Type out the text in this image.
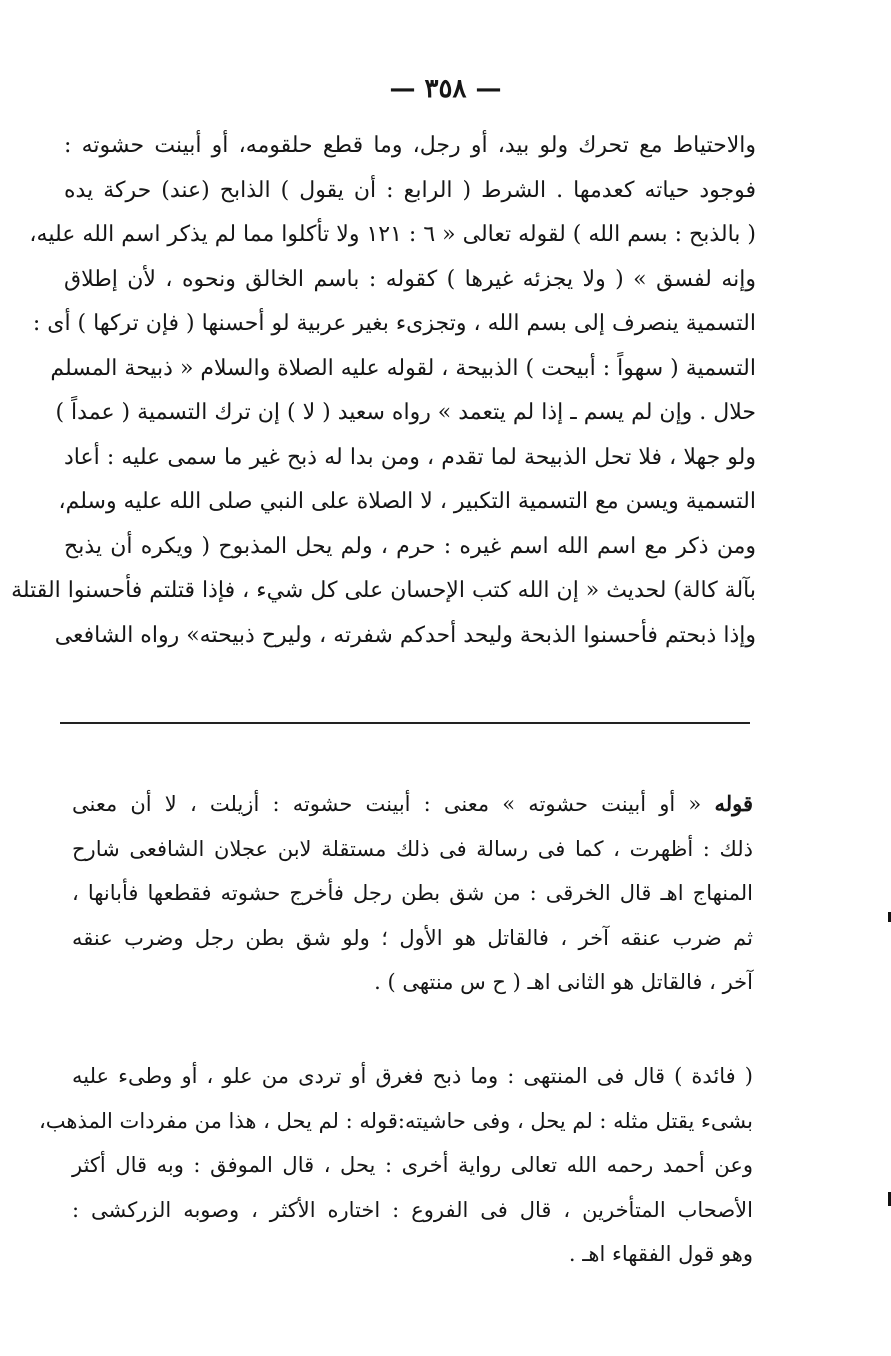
— ٣٥٨ —
والاحتياط مع تحرك ولو بيد، أو رجل، وما قطع حلقومه، أو أبينت حشوته :
فوجود حياته كعدمها . الشرط ( الرابع : أن يقول ) الذابح (عند) حركة يده
( بالذبح : بسم الله ) لقوله تعالى « ٦ : ١٢١ ولا تأكلوا مما لم يذكر اسم الله عليه،
وإنه لفسق » ( ولا يجزئه غيرها ) كقوله : باسم الخالق ونحوه ، لأن إطلاق
التسمية ينصرف إلى بسم الله ، وتجزىء بغير عربية لو أحسنها ( فإن تركها ) أى :
التسمية ( سهواً : أبيحت ) الذبيحة ، لقوله عليه الصلاة والسلام « ذبيحة المسلم
حلال . وإن لم يسم ـ إذا لم يتعمد » رواه سعيد ( لا ) إن ترك التسمية ( عمداً )
ولو جهلا ، فلا تحل الذبيحة لما تقدم ، ومن بدا له ذبح غير ما سمى عليه : أعاد
التسمية ويسن مع التسمية التكبير ، لا الصلاة على النبي صلى الله عليه وسلم،
ومن ذكر مع اسم الله اسم غيره : حرم ، ولم يحل المذبوح ( ويكره أن يذبح
بآلة كالة) لحديث « إن الله كتب الإحسان على كل شيء ، فإذا قتلتم فأحسنوا القتلة
وإذا ذبحتم فأحسنوا الذبحة وليحد أحدكم شفرته ، وليرح ذبيحته» رواه الشافعى
قوله « أو أبينت حشوته » معنى : أبينت حشوته : أزيلت ، لا أن معنى
ذلك : أظهرت ، كما فى رسالة فى ذلك مستقلة لابن عجلان الشافعى شارح
المنهاج اهـ قال الخرقى : من شق بطن رجل فأخرج حشوته فقطعها فأبانها ،
ثم ضرب عنقه آخر ، فالقاتل هو الأول ؛ ولو شق بطن رجل وضرب عنقه
آخر ، فالقاتل هو الثانى اهـ ( ح س منتهى ) .
( فائدة ) قال فى المنتهى : وما ذبح فغرق أو تردى من علو ، أو وطىء عليه
بشىء يقتل مثله : لم يحل ، وفى حاشيته:قوله : لم يحل ، هذا من مفردات المذهب،
وعن أحمد رحمه الله تعالى رواية أخرى : يحل ، قال الموفق : وبه قال أكثر
الأصحاب المتأخرين ، قال فى الفروع : اختاره الأكثر ، وصوبه الزركشى :
وهو قول الفقهاء اهـ .
